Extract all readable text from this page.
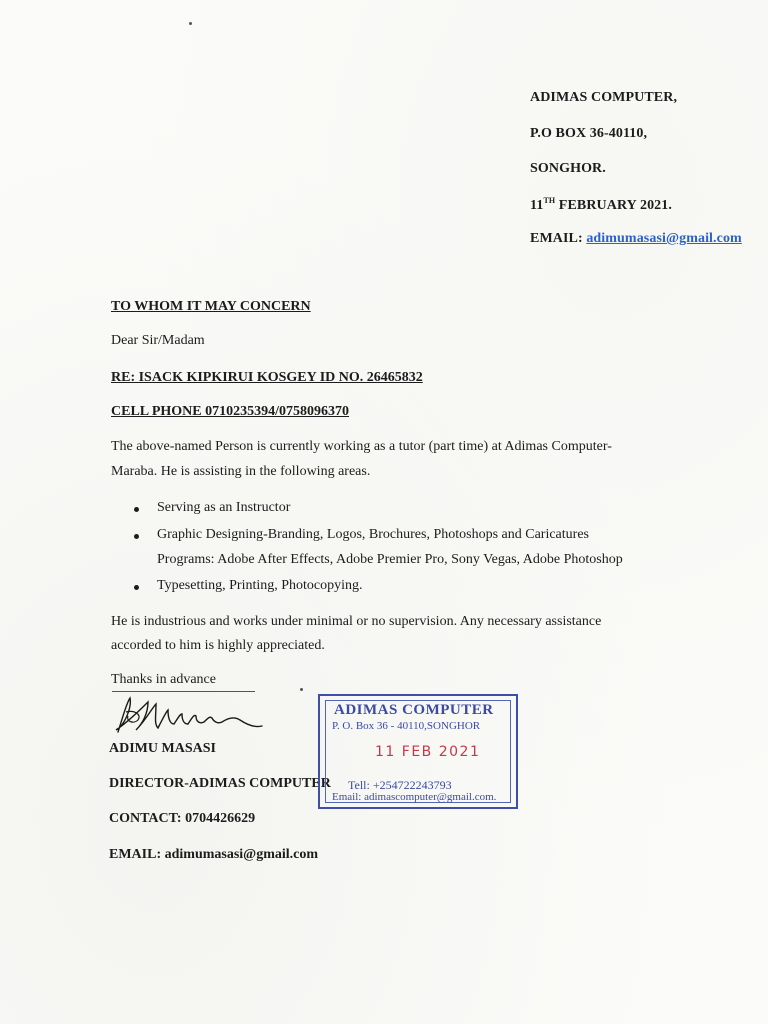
ADIMAS COMPUTER,
P.O BOX 36-40110,
SONGHOR.
11TH FEBRUARY 2021.
EMAIL: adimumasasi@gmail.com
TO WHOM IT MAY CONCERN
Dear Sir/Madam
RE: ISACK KIPKIRUI KOSGEY ID NO. 26465832
CELL PHONE 0710235394/0758096370
The above-named Person is currently working as a tutor (part time) at Adimas Computer-
Maraba. He is assisting in the following areas.
Serving as an Instructor
Graphic Designing-Branding, Logos, Brochures, Photoshops and Caricatures
Programs: Adobe After Effects, Adobe Premier Pro, Sony Vegas, Adobe Photoshop
Typesetting, Printing, Photocopying.
He is industrious and works under minimal or no supervision. Any necessary assistance
accorded to him is highly appreciated.
Thanks in advance
ADIMU MASASI
DIRECTOR-ADIMAS COMPUTER
CONTACT: 0704426629
EMAIL: adimumasasi@gmail.com
ADIMAS COMPUTER
P. O. Box 36 - 40110,SONGHOR
11 FEB 2021
Tell: +254722243793
Email: adimascomputer@gmail.com.
